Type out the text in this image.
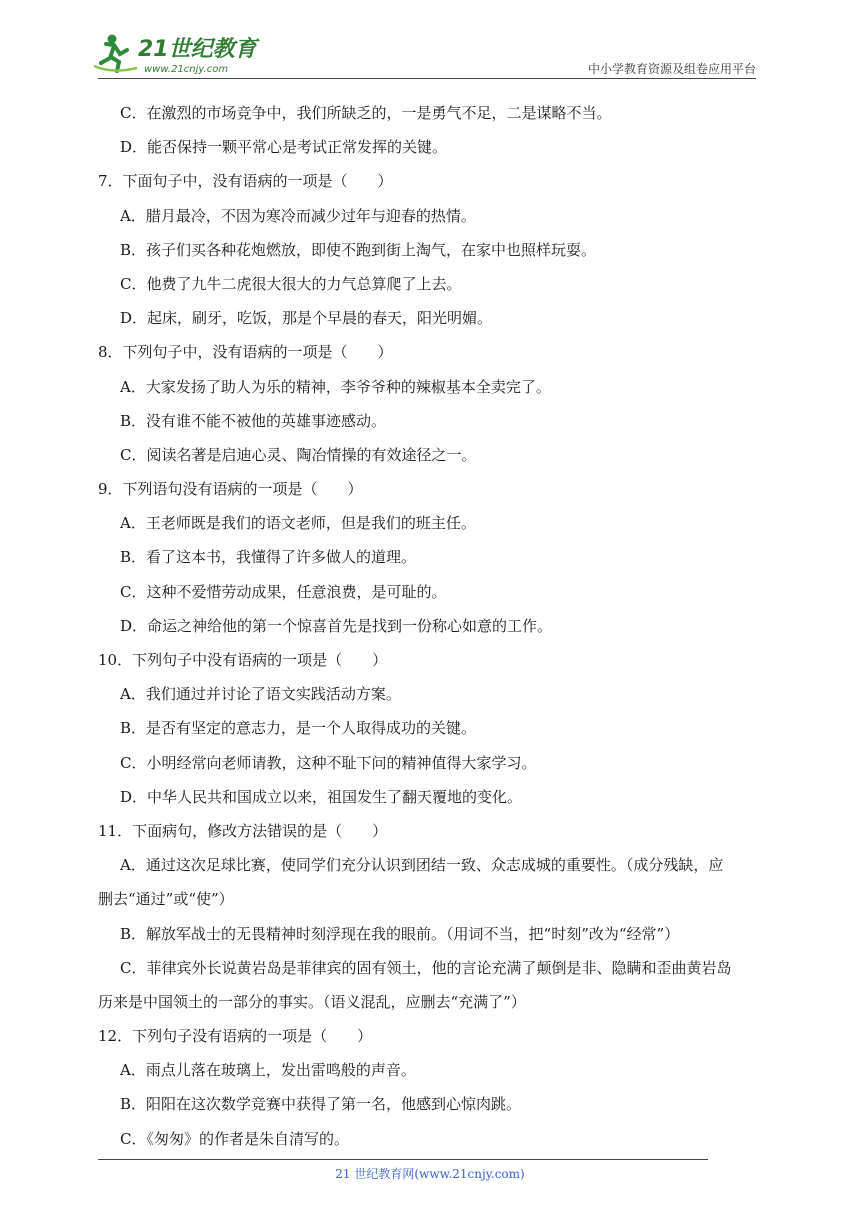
21世纪教育
www.21cnjy.com	中小学教育资源及组卷应用平台
C．在激烈的市场竞争中，我们所缺乏的，一是勇气不足，二是谋略不当。
D．能否保持一颗平常心是考试正常发挥的关键。
7．下面句子中，没有语病的一项是（　　）
A．腊月最冷，不因为寒冷而减少过年与迎春的热情。
B．孩子们买各种花炮燃放，即使不跑到街上淘气，在家中也照样玩耍。
C．他费了九牛二虎很大很大的力气总算爬了上去。
D．起床，刷牙，吃饭，那是个早晨的春天，阳光明媚。
8．下列句子中，没有语病的一项是（　　）
A．大家发扬了助人为乐的精神，李爷爷种的辣椒基本全卖完了。
B．没有谁不能不被他的英雄事迹感动。
C．阅读名著是启迪心灵、陶冶情操的有效途径之一。
9．下列语句没有语病的一项是（　　）
A．王老师既是我们的语文老师，但是我们的班主任。
B．看了这本书，我懂得了许多做人的道理。
C．这种不爱惜劳动成果，任意浪费，是可耻的。
D．命运之神给他的第一个惊喜首先是找到一份称心如意的工作。
10．下列句子中没有语病的一项是（　　）
A．我们通过并讨论了语文实践活动方案。
B．是否有坚定的意志力，是一个人取得成功的关键。
C．小明经常向老师请教，这种不耻下问的精神值得大家学习。
D．中华人民共和国成立以来，祖国发生了翻天覆地的变化。
11．下面病句，修改方法错误的是（　　）
A．通过这次足球比赛，使同学们充分认识到团结一致、众志成城的重要性。（成分残缺，应
删去“通过”或“使”）
B．解放军战士的无畏精神时刻浮现在我的眼前。（用词不当，把“时刻”改为“经常”）
C．菲律宾外长说黄岩岛是菲律宾的固有领土，他的言论充满了颠倒是非、隐瞒和歪曲黄岩岛
历来是中国领土的一部分的事实。（语义混乱，应删去“充满了”）
12．下列句子没有语病的一项是（　　）
A．雨点儿落在玻璃上，发出雷鸣般的声音。
B．阳阳在这次数学竞赛中获得了第一名，他感到心惊肉跳。
C．《匆匆》的作者是朱自清写的。
21 世纪教育网(www.21cnjy.com)
